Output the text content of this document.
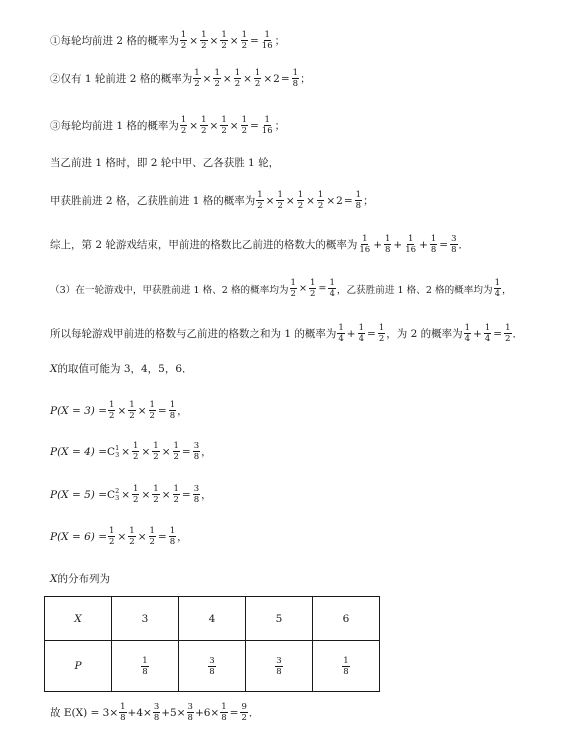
①每轮均前进 2 格的概率为 $\frac{1}{2} \times \frac{1}{2} \times \frac{1}{2} \times \frac{1}{2} = \frac{1}{16}$ ；
②仅有 1 轮前进 2 格的概率为 $\frac{1}{2} \times \frac{1}{2} \times \frac{1}{2} \times \frac{1}{2} \times 2 = \frac{1}{8}$ ；
③每轮均前进 1 格的概率为 $\frac{1}{2} \times \frac{1}{2} \times \frac{1}{2} \times \frac{1}{2} = \frac{1}{16}$ ；
当乙前进 1 格时，即 2 轮中甲、乙各获胜 1 轮，
甲获胜前进 2 格，乙获胜前进 1 格的概率为 $\frac{1}{2} \times \frac{1}{2} \times \frac{1}{2} \times \frac{1}{2} \times 2 = \frac{1}{8}$ ；
综上，第 2 轮游戏结束，甲前进的格数比乙前进的格数大的概率为 $\frac{1}{16} + \frac{1}{8} + \frac{1}{16} + \frac{1}{8} = \frac{3}{8}$ ．
（3）在一轮游戏中，甲获胜前进 1 格、2 格的概率均为 $\frac{1}{2} \times \frac{1}{2} = \frac{1}{4}$ ，乙获胜前进 1 格、2 格的概率均为 $\frac{1}{4}$ ，
所以每轮游戏甲前进的格数与乙前进的格数之和为 1 的概率为 $\frac{1}{4} + \frac{1}{4} = \frac{1}{2}$ ，为 2 的概率为 $\frac{1}{4} + \frac{1}{4} = \frac{1}{2}$ ．
X 的取值可能为 3，4，5，6．
$P(X = 3) = \frac{1}{2} \times \frac{1}{2} \times \frac{1}{2} = \frac{1}{8}$ ，
P(X = 4) = C 1
$3 \times \frac{1}{2} \times \frac{1}{2} \times \frac{1}{2} = \frac{3}{8}$ ，
P(X = 5) = C 2
$3 \times \frac{1}{2} \times \frac{1}{2} \times \frac{1}{2} = \frac{3}{8}$ ，
$P(X = 6) = \frac{1}{2} \times \frac{1}{2} \times \frac{1}{2} = \frac{1}{8}$ ，
X 的分布列为
X	3	4	5	6
P	$\frac{1}{8}$	$\frac{3}{8}$	$\frac{3}{8}$	$\frac{1}{8}$
故 $E(X) = 3\times \frac{1}{8} +4\times \frac{3}{8} +5\times \frac{3}{8} +6\times \frac{1}{8} = \frac{9}{2}$ ．
